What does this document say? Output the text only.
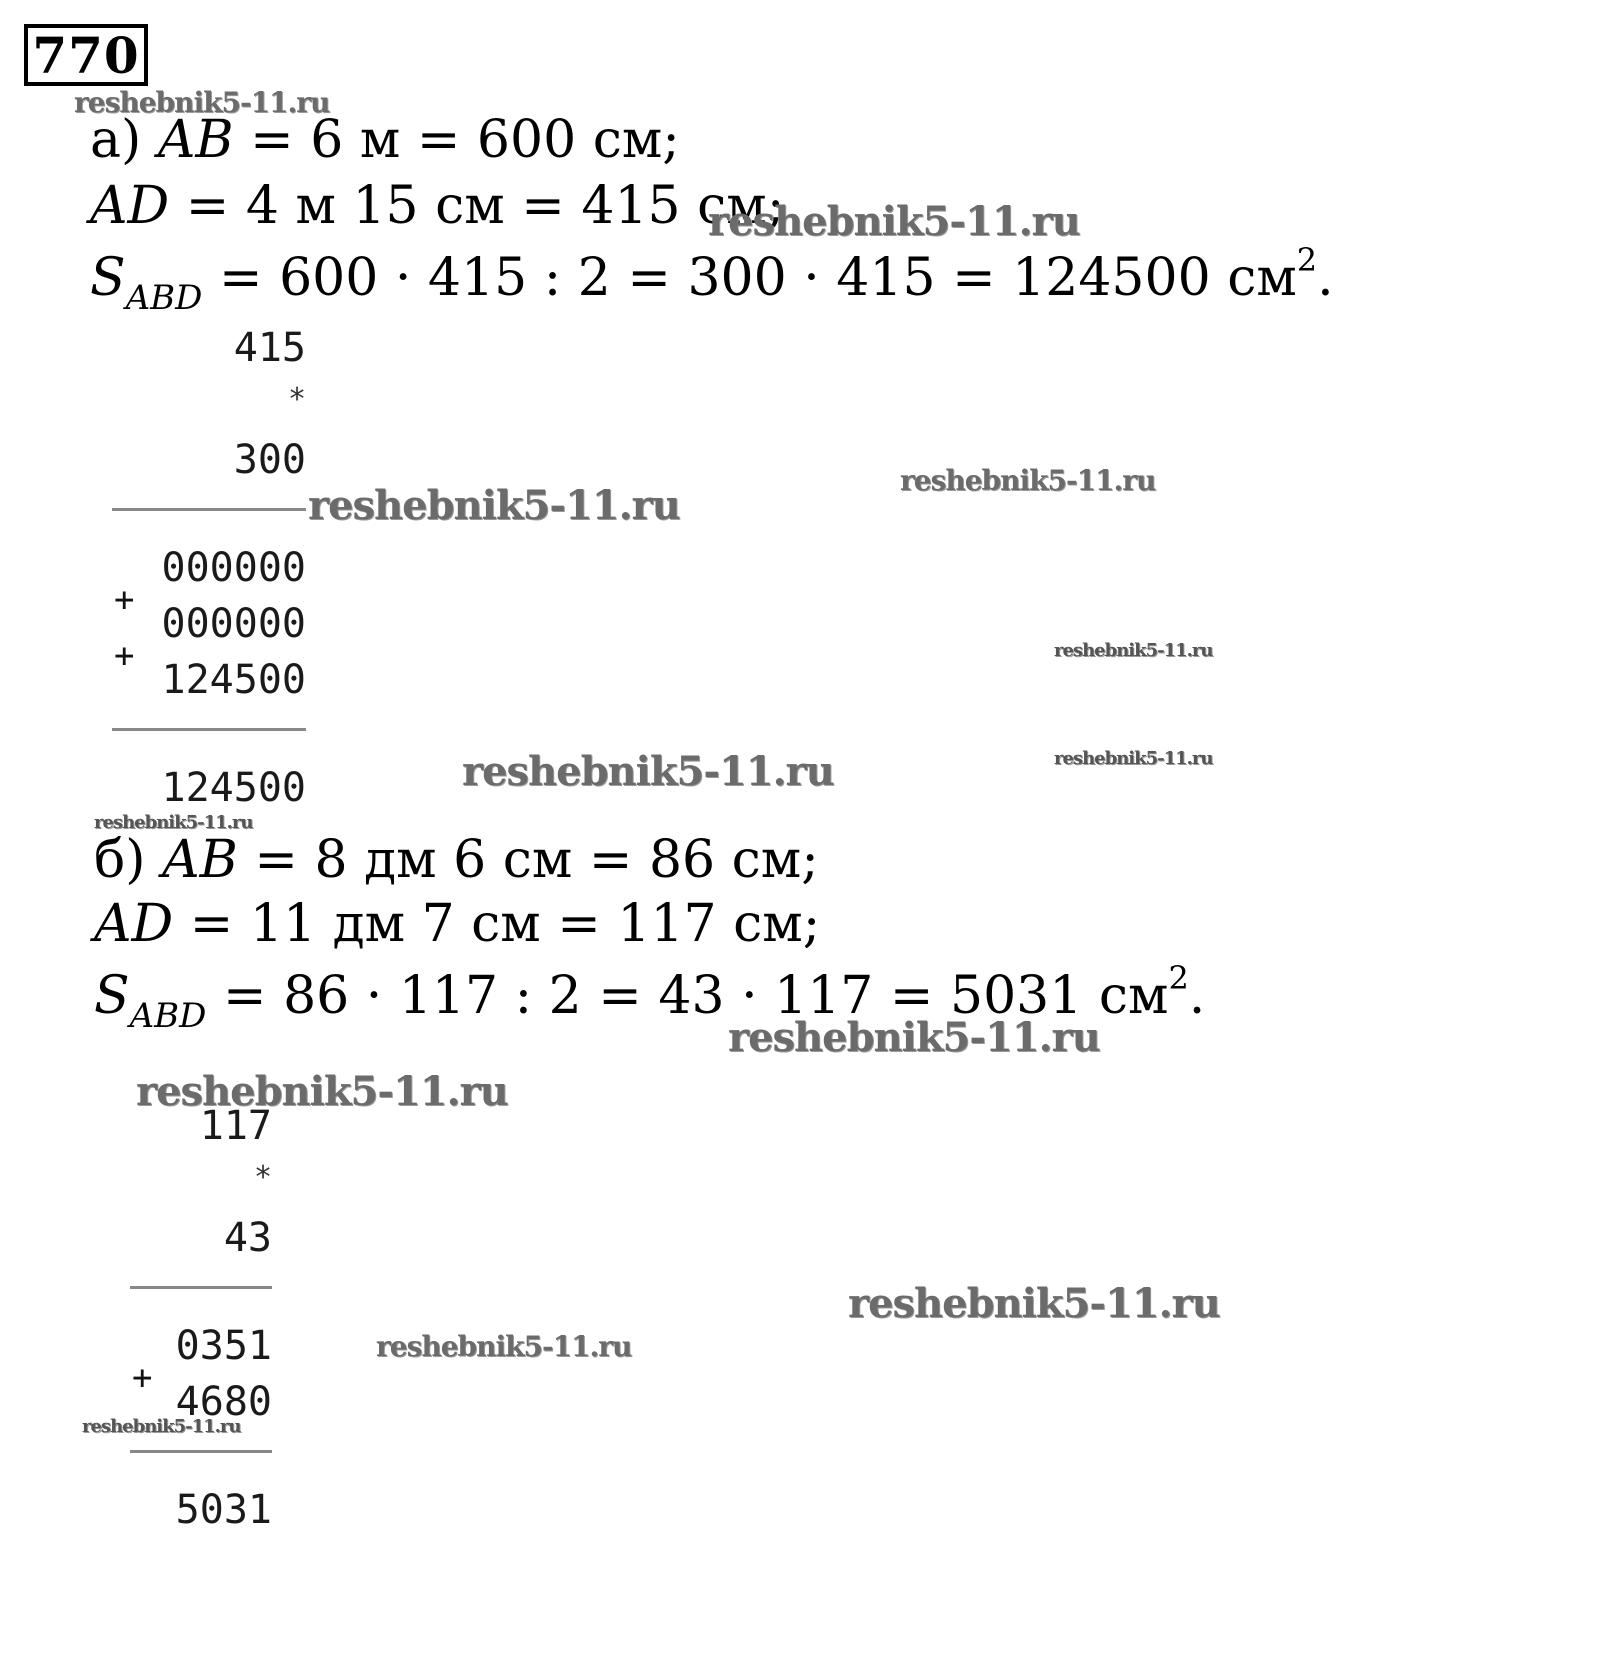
770
а) AB = 6 м = 600 см;
AD = 4 м 15 см = 415 см;
$S_{ABD} = 600 \cdot 415$ : 2 = 300 · 415 = 124500 $см^2$.
415
*
300
000000
+
000000
+
124500
124500
б) AB = 8 дм 6 см = 86 см;
AD = 11 дм 7 см = 117 см;
$S_{ABD} = 86 \cdot 117$ : 2 = 43 · 117 = 5031 $см^2$.
117
*
43
0351
+
4680
5031
reshebnik5-11.ru
reshebnik5-11.ru
reshebnik5-11.ru
reshebnik5-11.ru
reshebnik5-11.ru
reshebnik5-11.ru	reshebnik5-11.ru
reshebnik5-11.ru
reshebnik5-11.ru
reshebnik5-11.ru
reshebnik5-11.ru
reshebnik5-11.ru
reshebnik5-11.ru
